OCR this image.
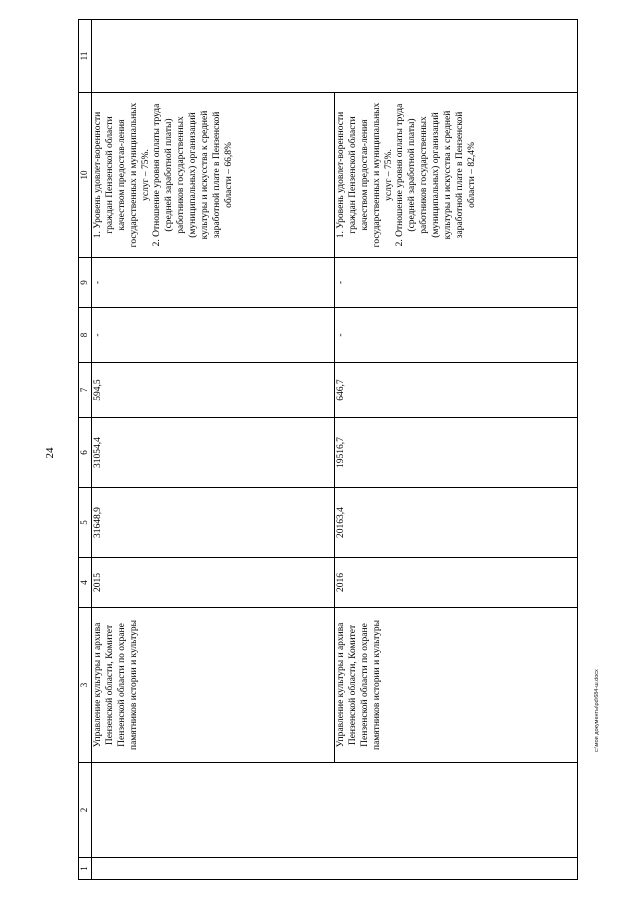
24
1	2	3	4	5	6	7	8	9	10	11
		Управление культуры и архива Пензенской области, Комитет Пензенской области по охране памятников истории и культуры	2015	31648,9	31054,4	594,5	-	-	1. Уровень удовлет-воренности граждан Пензенской области качеством предостав-ления государственных и муниципальных услуг – 75%. 2. Отношение уровня оплаты труда (средней заработной платы) работников государственных (муниципальных) организаций культуры и искусства к средней заработной плате в Пензенской области – 66,8%	

		Управление культуры и архива Пензенской области, Комитет Пензенской области по охране памятников истории и культуры	2016	20163,4	19516,7	646,7	-	-	1. Уровень удовлет-воренности граждан Пензенской области качеством предостав-ления государственных и муниципальных услуг – 75%. 2. Отношение уровня оплаты труда (средней заработной платы) работников государственных (муниципальных) организаций культуры и искусства к средней заработной плате в Пензенской области – 82,4%	
с:\мои документы\pd\684-ш.docx
